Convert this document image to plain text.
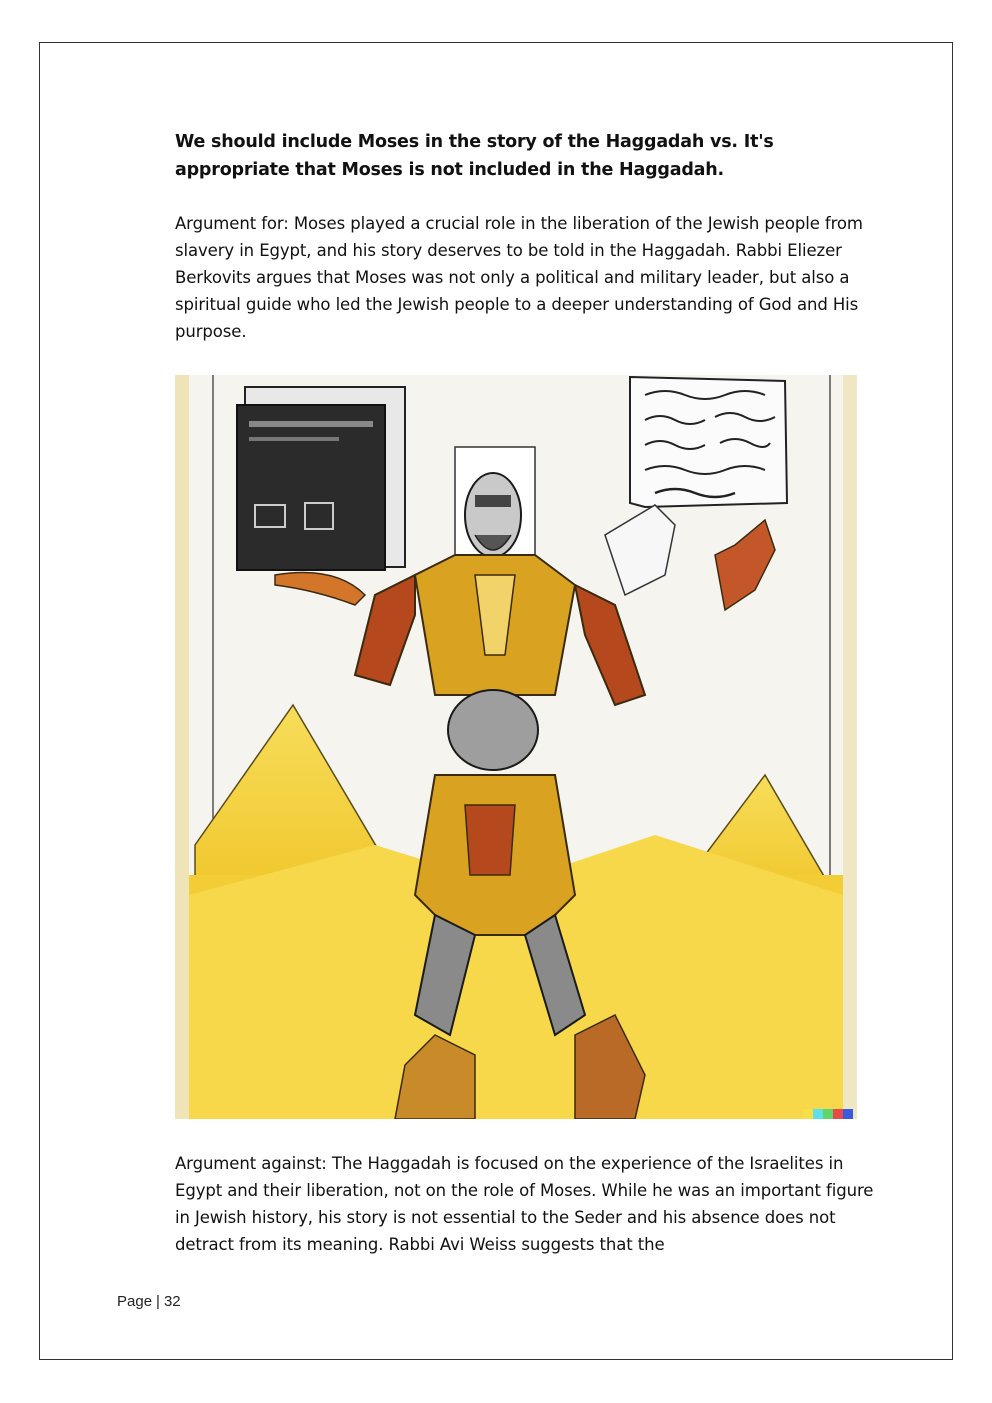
We should include Moses in the story of the Haggadah vs. It's appropriate that Moses is not included in the Haggadah.
Argument for: Moses played a crucial role in the liberation of the Jewish people from slavery in Egypt, and his story deserves to be told in the Haggadah. Rabbi Eliezer Berkovits argues that Moses was not only a political and military leader, but also a spiritual guide who led the Jewish people to a deeper understanding of God and His purpose.
Argument against: The Haggadah is focused on the experience of the Israelites in Egypt and their liberation, not on the role of Moses. While he was an important figure in Jewish history, his story is not essential to the Seder and his absence does not detract from its meaning. Rabbi Avi Weiss suggests that the
Page | 32
